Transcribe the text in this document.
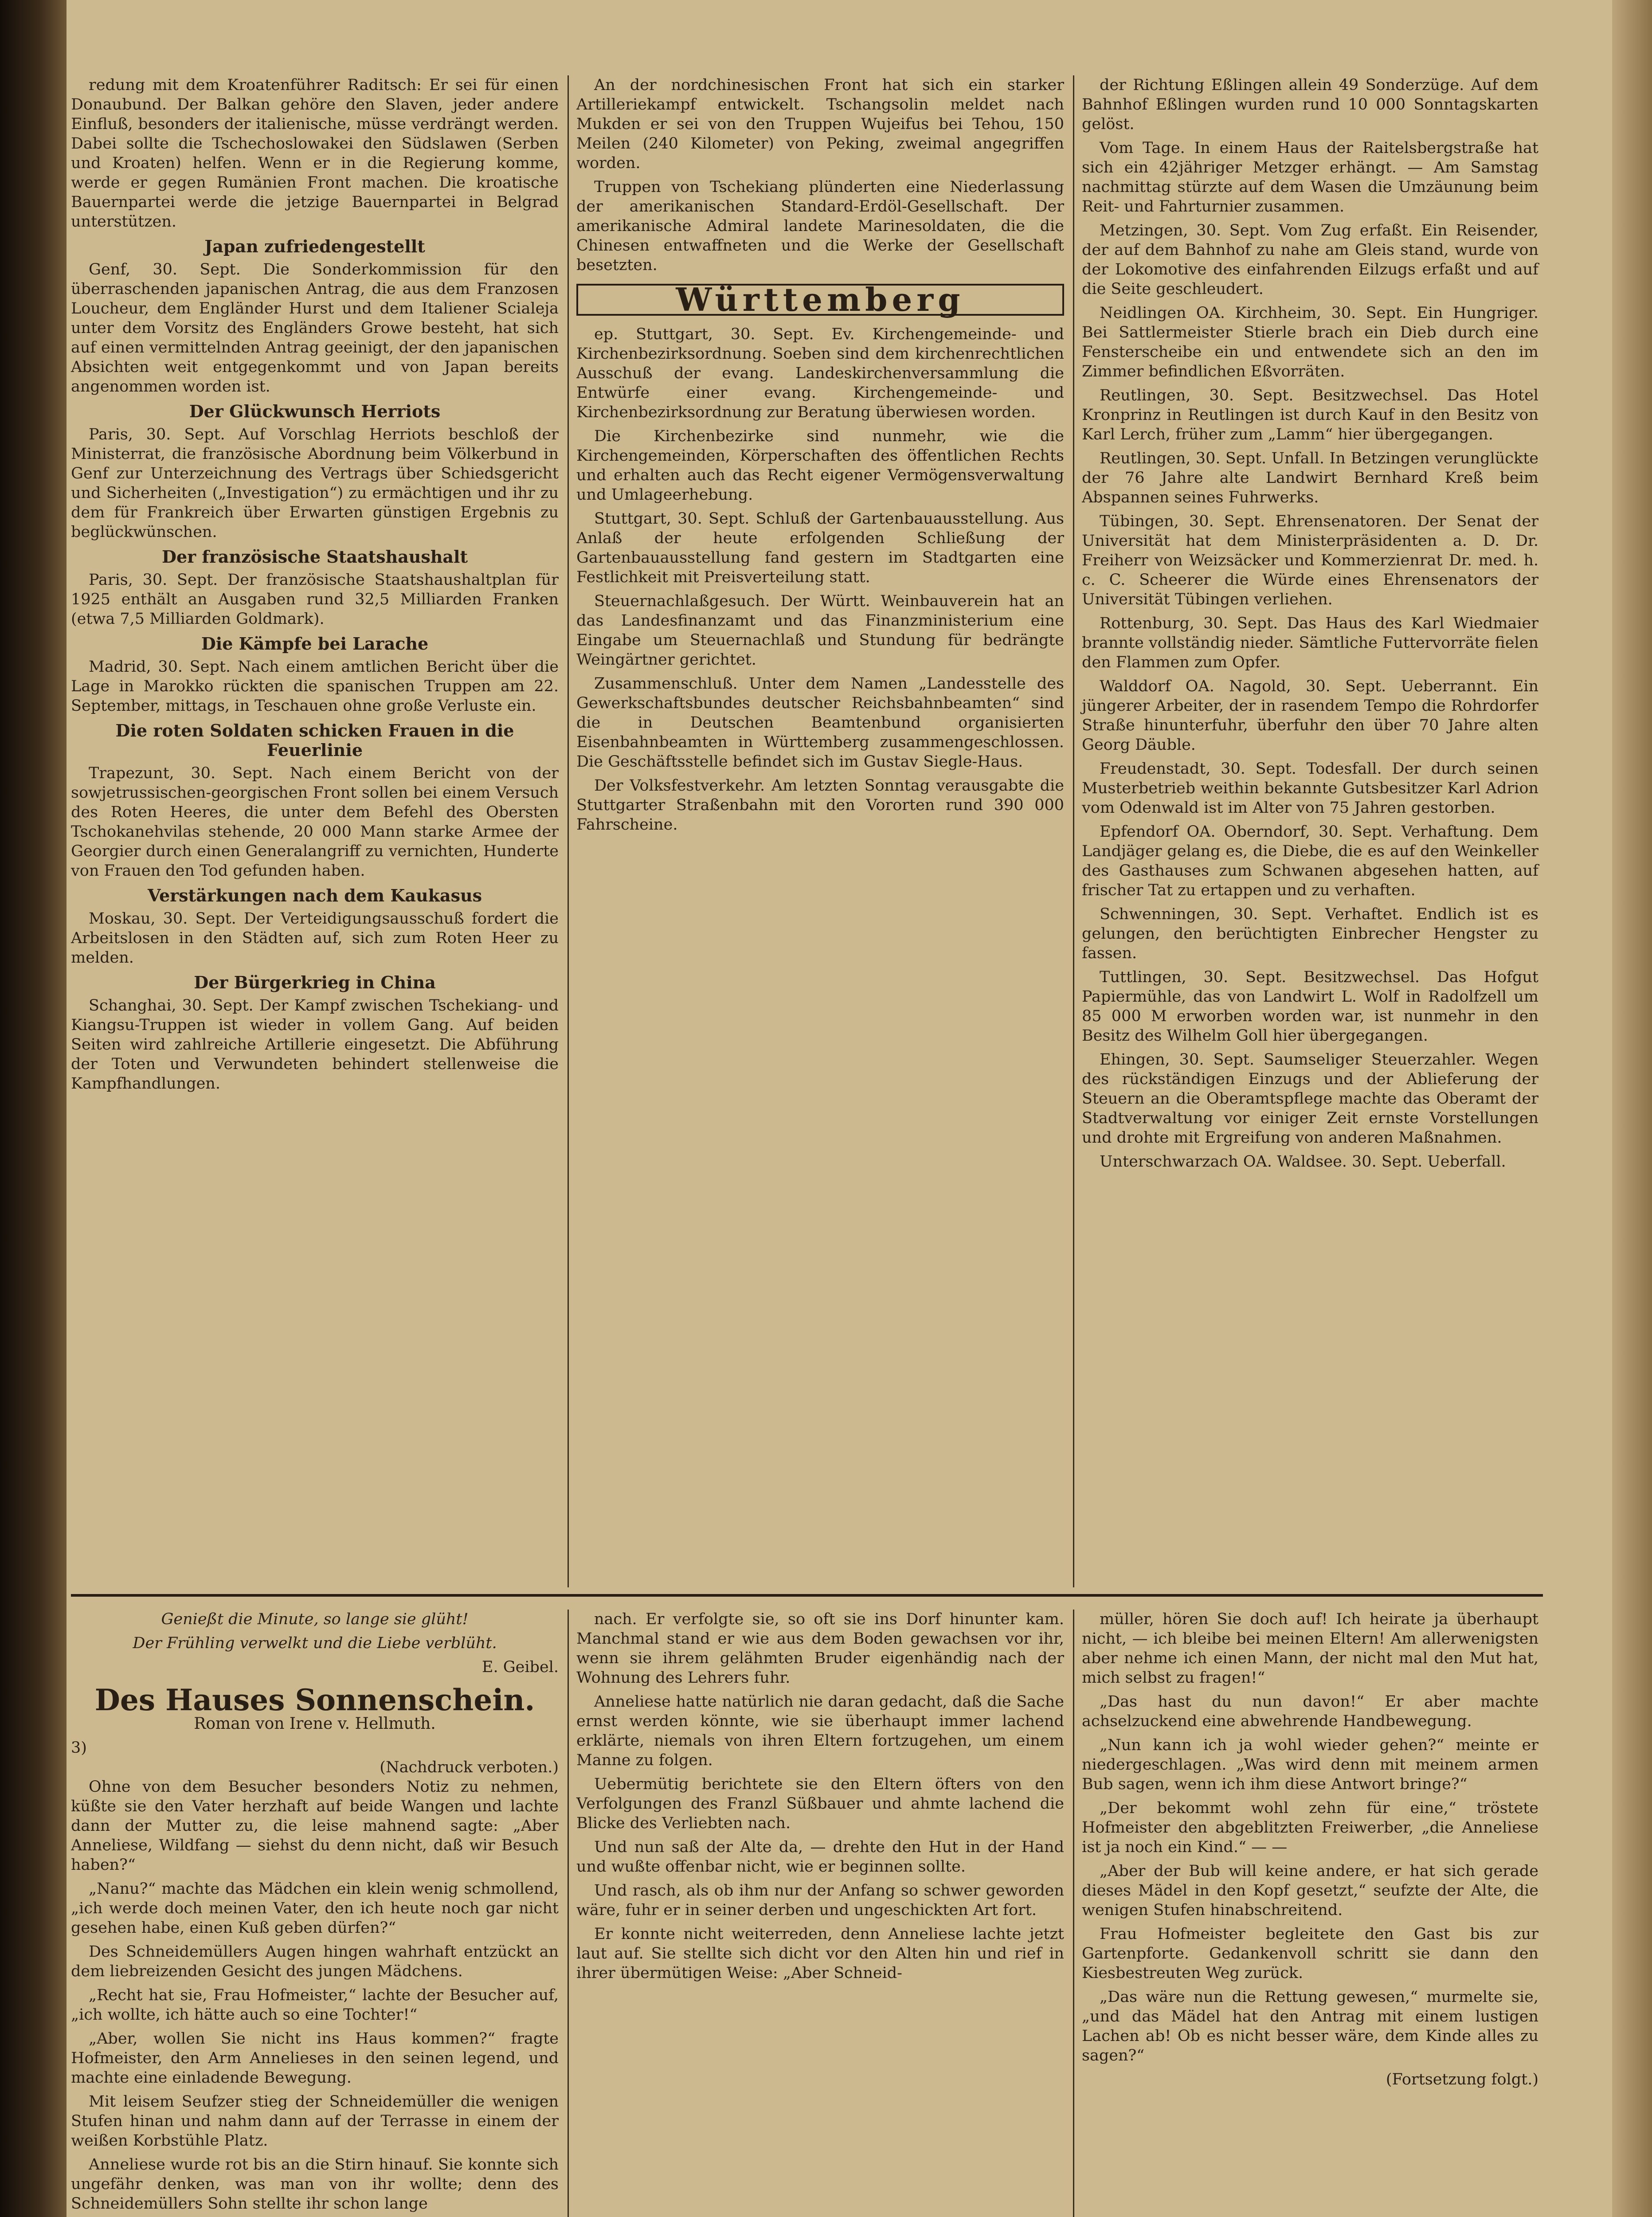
redung mit dem Kroatenführer Raditsch: Er sei für einen Donaubund. Der Balkan gehöre den Slaven, jeder andere Einfluß, besonders der italienische, müsse verdrängt werden. Dabei sollte die Tschechoslowakei den Südslawen (Serben und Kroaten) helfen. Wenn er in die Regierung komme, werde er gegen Rumänien Front machen. Die kroatische Bauernpartei werde die jetzige Bauernpartei in Belgrad unterstützen.

Japan zufriedengestellt

Genf, 30. Sept. Die Sonderkommission für den überraschenden japanischen Antrag, die aus dem Franzosen Loucheur, dem Engländer Hurst und dem Italiener Scialeja unter dem Vorsitz des Engländers Growe besteht, hat sich auf einen vermittelnden Antrag geeinigt, der den japanischen Absichten weit entgegenkommt und von Japan bereits angenommen worden ist.

Der Glückwunsch Herriots

Paris, 30. Sept. Auf Vorschlag Herriots beschloß der Ministerrat, die französische Abordnung beim Völkerbund in Genf zur Unterzeichnung des Vertrags über Schiedsgericht und Sicherheiten („Investigation“) zu ermächtigen und ihr zu dem für Frankreich über Erwarten günstigen Ergebnis zu beglückwünschen.

Der französische Staatshaushalt

Paris, 30. Sept. Der französische Staatshaushaltplan für 1925 enthält an Ausgaben rund 32,5 Milliarden Franken (etwa 7,5 Milliarden Goldmark).

Die Kämpfe bei Larache

Madrid, 30. Sept. Nach einem amtlichen Bericht über die Lage in Marokko rückten die spanischen Truppen am 22. September, mittags, in Teschauen ohne große Verluste ein.

Die roten Soldaten schicken Frauen in die Feuerlinie

Trapezunt, 30. Sept. Nach einem Bericht von der sowjetrussischen-georgischen Front sollen bei einem Versuch des Roten Heeres, die unter dem Befehl des Obersten Tschokanehvilas stehende, 20 000 Mann starke Armee der Georgier durch einen Generalangriff zu vernichten, Hunderte von Frauen den Tod gefunden haben.

Verstärkungen nach dem Kaukasus

Moskau, 30. Sept. Der Verteidigungsausschuß fordert die Arbeitslosen in den Städten auf, sich zum Roten Heer zu melden.

Der Bürgerkrieg in China

Schanghai, 30. Sept. Der Kampf zwischen Tschekiang- und Kiangsu-Truppen ist wieder in vollem Gang. Auf beiden Seiten wird zahlreiche Artillerie eingesetzt. Die Abführung der Toten und Verwundeten behindert stellenweise die Kampfhandlungen.

An der nordchinesischen Front hat sich ein starker Artilleriekampf entwickelt. Tschangsolin meldet nach Mukden er sei von den Truppen Wujeifus bei Tehou, 150 Meilen (240 Kilometer) von Peking, zweimal angegriffen worden.

Truppen von Tschekiang plünderten eine Niederlassung der amerikanischen Standard-Erdöl-Gesellschaft. Der amerikanische Admiral landete Marinesoldaten, die die Chinesen entwaffneten und die Werke der Gesellschaft besetzten.

Württemberg

ep. Stuttgart, 30. Sept. Ev. Kirchengemeinde- und Kirchenbezirksordnung. Soeben sind dem kirchenrechtlichen Ausschuß der evang. Landeskirchenversammlung die Entwürfe einer evang. Kirchengemeinde- und Kirchenbezirksordnung zur Beratung überwiesen worden.

Die Kirchenbezirke sind nunmehr, wie die Kirchengemeinden, Körperschaften des öffentlichen Rechts und erhalten auch das Recht eigener Vermögensverwaltung und Umlageerhebung.

Stuttgart, 30. Sept. Schluß der Gartenbauausstellung. Aus Anlaß der heute erfolgenden Schließung der Gartenbauausstellung fand gestern im Stadtgarten eine Festlichkeit mit Preisverteilung statt.

Steuernachlaßgesuch. Der Württ. Weinbauverein hat an das Landesfinanzamt und das Finanzministerium eine Eingabe um Steuernachlaß und Stundung für bedrängte Weingärtner gerichtet.

Zusammenschluß. Unter dem Namen „Landesstelle des Gewerkschaftsbundes deutscher Reichsbahnbeamten“ sind die in Deutschen Beamtenbund organisierten Eisenbahnbeamten in Württemberg zusammengeschlossen. Die Geschäftsstelle befindet sich im Gustav Siegle-Haus.

Der Volksfestverkehr. Am letzten Sonntag verausgabte die Stuttgarter Straßenbahn mit den Vororten rund 390 000 Fahrscheine.

der Richtung Eßlingen allein 49 Sonderzüge. Auf dem Bahnhof Eßlingen wurden rund 10 000 Sonntagskarten gelöst.

Vom Tage. In einem Haus der Raitelsbergstraße hat sich ein 42jähriger Metzger erhängt. — Am Samstag nachmittag stürzte auf dem Wasen die Umzäunung beim Reit- und Fahrturnier zusammen.

Metzingen, 30. Sept. Vom Zug erfaßt. Ein Reisender, der auf dem Bahnhof zu nahe am Gleis stand, wurde von der Lokomotive des einfahrenden Eilzugs erfaßt und auf die Seite geschleudert.

Neidlingen OA. Kirchheim, 30. Sept. Ein Hungriger. Bei Sattlermeister Stierle brach ein Dieb durch eine Fensterscheibe ein und entwendete sich an den im Zimmer befindlichen Eßvorräten.

Reutlingen, 30. Sept. Besitzwechsel. Das Hotel Kronprinz in Reutlingen ist durch Kauf in den Besitz von Karl Lerch, früher zum „Lamm“ hier übergegangen.

Reutlingen, 30. Sept. Unfall. In Betzingen verunglückte der 76 Jahre alte Landwirt Bernhard Kreß beim Abspannen seines Fuhrwerks.

Tübingen, 30. Sept. Ehrensenatoren. Der Senat der Universität hat dem Ministerpräsidenten a. D. Dr. Freiherr von Weizsäcker und Kommerzienrat Dr. med. h. c. C. Scheerer die Würde eines Ehrensenators der Universität Tübingen verliehen.

Rottenburg, 30. Sept. Das Haus des Karl Wiedmaier brannte vollständig nieder. Sämtliche Futtervorräte fielen den Flammen zum Opfer.

Walddorf OA. Nagold, 30. Sept. Ueberrannt. Ein jüngerer Arbeiter, der in rasendem Tempo die Rohrdorfer Straße hinunterfuhr, überfuhr den über 70 Jahre alten Georg Däuble.

Freudenstadt, 30. Sept. Todesfall. Der durch seinen Musterbetrieb weithin bekannte Gutsbesitzer Karl Adrion vom Odenwald ist im Alter von 75 Jahren gestorben.

Epfendorf OA. Oberndorf, 30. Sept. Verhaftung. Dem Landjäger gelang es, die Diebe, die es auf den Weinkeller des Gasthauses zum Schwanen abgesehen hatten, auf frischer Tat zu ertappen und zu verhaften.

Schwenningen, 30. Sept. Verhaftet. Endlich ist es gelungen, den berüchtigten Einbrecher Hengster zu fassen.

Tuttlingen, 30. Sept. Besitzwechsel. Das Hofgut Papiermühle, das von Landwirt L. Wolf in Radolfzell um 85 000 M erworben worden war, ist nunmehr in den Besitz des Wilhelm Goll hier übergegangen.

Ehingen, 30. Sept. Saumseliger Steuerzahler. Wegen des rückständigen Einzugs und der Ablieferung der Steuern an die Oberamtspflege machte das Oberamt der Stadtverwaltung vor einiger Zeit ernste Vorstellungen und drohte mit Ergreifung von anderen Maßnahmen.

Unterschwarzach OA. Waldsee. 30. Sept. Ueberfall.

Genießt die Minute, so lange sie glüht!
Der Frühling verwelkt und die Liebe verblüht.
E. Geibel.
Des Hauses Sonnenschein.
Roman von Irene v. Hellmuth.
3)
(Nachdruck verboten.)

Ohne von dem Besucher besonders Notiz zu nehmen, küßte sie den Vater herzhaft auf beide Wangen und lachte dann der Mutter zu, die leise mahnend sagte: „Aber Anneliese, Wildfang — siehst du denn nicht, daß wir Besuch haben?“

„Nanu?“ machte das Mädchen ein klein wenig schmollend, „ich werde doch meinen Vater, den ich heute noch gar nicht gesehen habe, einen Kuß geben dürfen?“

Des Schneidemüllers Augen hingen wahrhaft entzückt an dem liebreizenden Gesicht des jungen Mädchens.

„Recht hat sie, Frau Hofmeister,“ lachte der Besucher auf, „ich wollte, ich hätte auch so eine Tochter!“

„Aber, wollen Sie nicht ins Haus kommen?“ fragte Hofmeister, den Arm Annelieses in den seinen legend, und machte eine einladende Bewegung.

Mit leisem Seufzer stieg der Schneidemüller die wenigen Stufen hinan und nahm dann auf der Terrasse in einem der weißen Korbstühle Platz.

Anneliese wurde rot bis an die Stirn hinauf. Sie konnte sich ungefähr denken, was man von ihr wollte; denn des Schneidemüllers Sohn stellte ihr schon lange

nach. Er verfolgte sie, so oft sie ins Dorf hinunter kam. Manchmal stand er wie aus dem Boden gewachsen vor ihr, wenn sie ihrem gelähmten Bruder eigenhändig nach der Wohnung des Lehrers fuhr.

Anneliese hatte natürlich nie daran gedacht, daß die Sache ernst werden könnte, wie sie überhaupt immer lachend erklärte, niemals von ihren Eltern fortzugehen, um einem Manne zu folgen.

Uebermütig berichtete sie den Eltern öfters von den Verfolgungen des Franzl Süßbauer und ahmte lachend die Blicke des Verliebten nach.

Und nun saß der Alte da, — drehte den Hut in der Hand und wußte offenbar nicht, wie er beginnen sollte.

Und rasch, als ob ihm nur der Anfang so schwer geworden wäre, fuhr er in seiner derben und ungeschickten Art fort.

Er konnte nicht weiterreden, denn Anneliese lachte jetzt laut auf. Sie stellte sich dicht vor den Alten hin und rief in ihrer übermütigen Weise: „Aber Schneid-

müller, hören Sie doch auf! Ich heirate ja überhaupt nicht, — ich bleibe bei meinen Eltern! Am allerwenigsten aber nehme ich einen Mann, der nicht mal den Mut hat, mich selbst zu fragen!“

„Das hast du nun davon!“ Er aber machte achselzuckend eine abwehrende Handbewegung.

„Nun kann ich ja wohl wieder gehen?“ meinte er niedergeschlagen. „Was wird denn mit meinem armen Bub sagen, wenn ich ihm diese Antwort bringe?“

„Der bekommt wohl zehn für eine,“ tröstete Hofmeister den abgeblitzten Freiwerber, „die Anneliese ist ja noch ein Kind.“ — —

„Aber der Bub will keine andere, er hat sich gerade dieses Mädel in den Kopf gesetzt,“ seufzte der Alte, die wenigen Stufen hinabschreitend.

Frau Hofmeister begleitete den Gast bis zur Gartenpforte. Gedankenvoll schritt sie dann den Kiesbestreuten Weg zurück.

„Das wäre nun die Rettung gewesen,“ murmelte sie, „und das Mädel hat den Antrag mit einem lustigen Lachen ab! Ob es nicht besser wäre, dem Kinde alles zu sagen?“

(Fortsetzung folgt.)
